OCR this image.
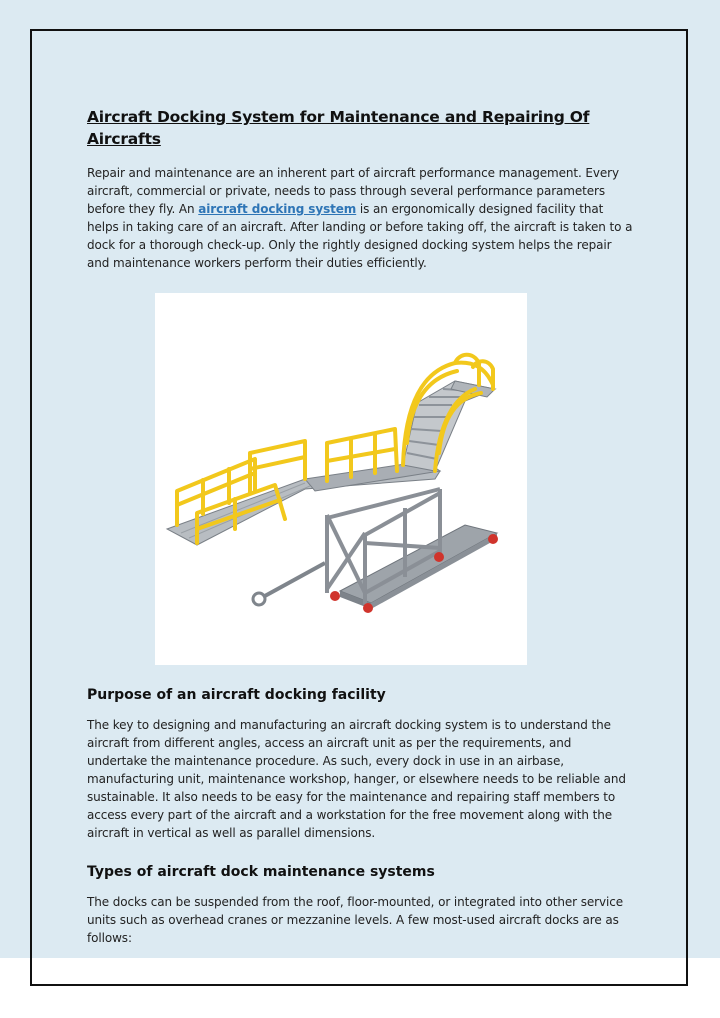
Aircraft Docking System for Maintenance and Repairing Of Aircrafts

Repair and maintenance are an inherent part of aircraft performance management. Every aircraft, commercial or private, needs to pass through several performance parameters before they fly. An aircraft docking system is an ergonomically designed facility that helps in taking care of an aircraft. After landing or before taking off, the aircraft is taken to a dock for a thorough check-up. Only the rightly designed docking system helps the repair and maintenance workers perform their duties efficiently.

Purpose of an aircraft docking facility

The key to designing and manufacturing an aircraft docking system is to understand the aircraft from different angles, access an aircraft unit as per the requirements, and undertake the maintenance procedure. As such, every dock in use in an airbase, manufacturing unit, maintenance workshop, hanger, or elsewhere needs to be reliable and sustainable. It also needs to be easy for the maintenance and repairing staff members to access every part of the aircraft and a workstation for the free movement along with the aircraft in vertical as well as parallel dimensions.

Types of aircraft dock maintenance systems

The docks can be suspended from the roof, floor-mounted, or integrated into other service units such as overhead cranes or mezzanine levels. A few most-used aircraft docks are as follows:
